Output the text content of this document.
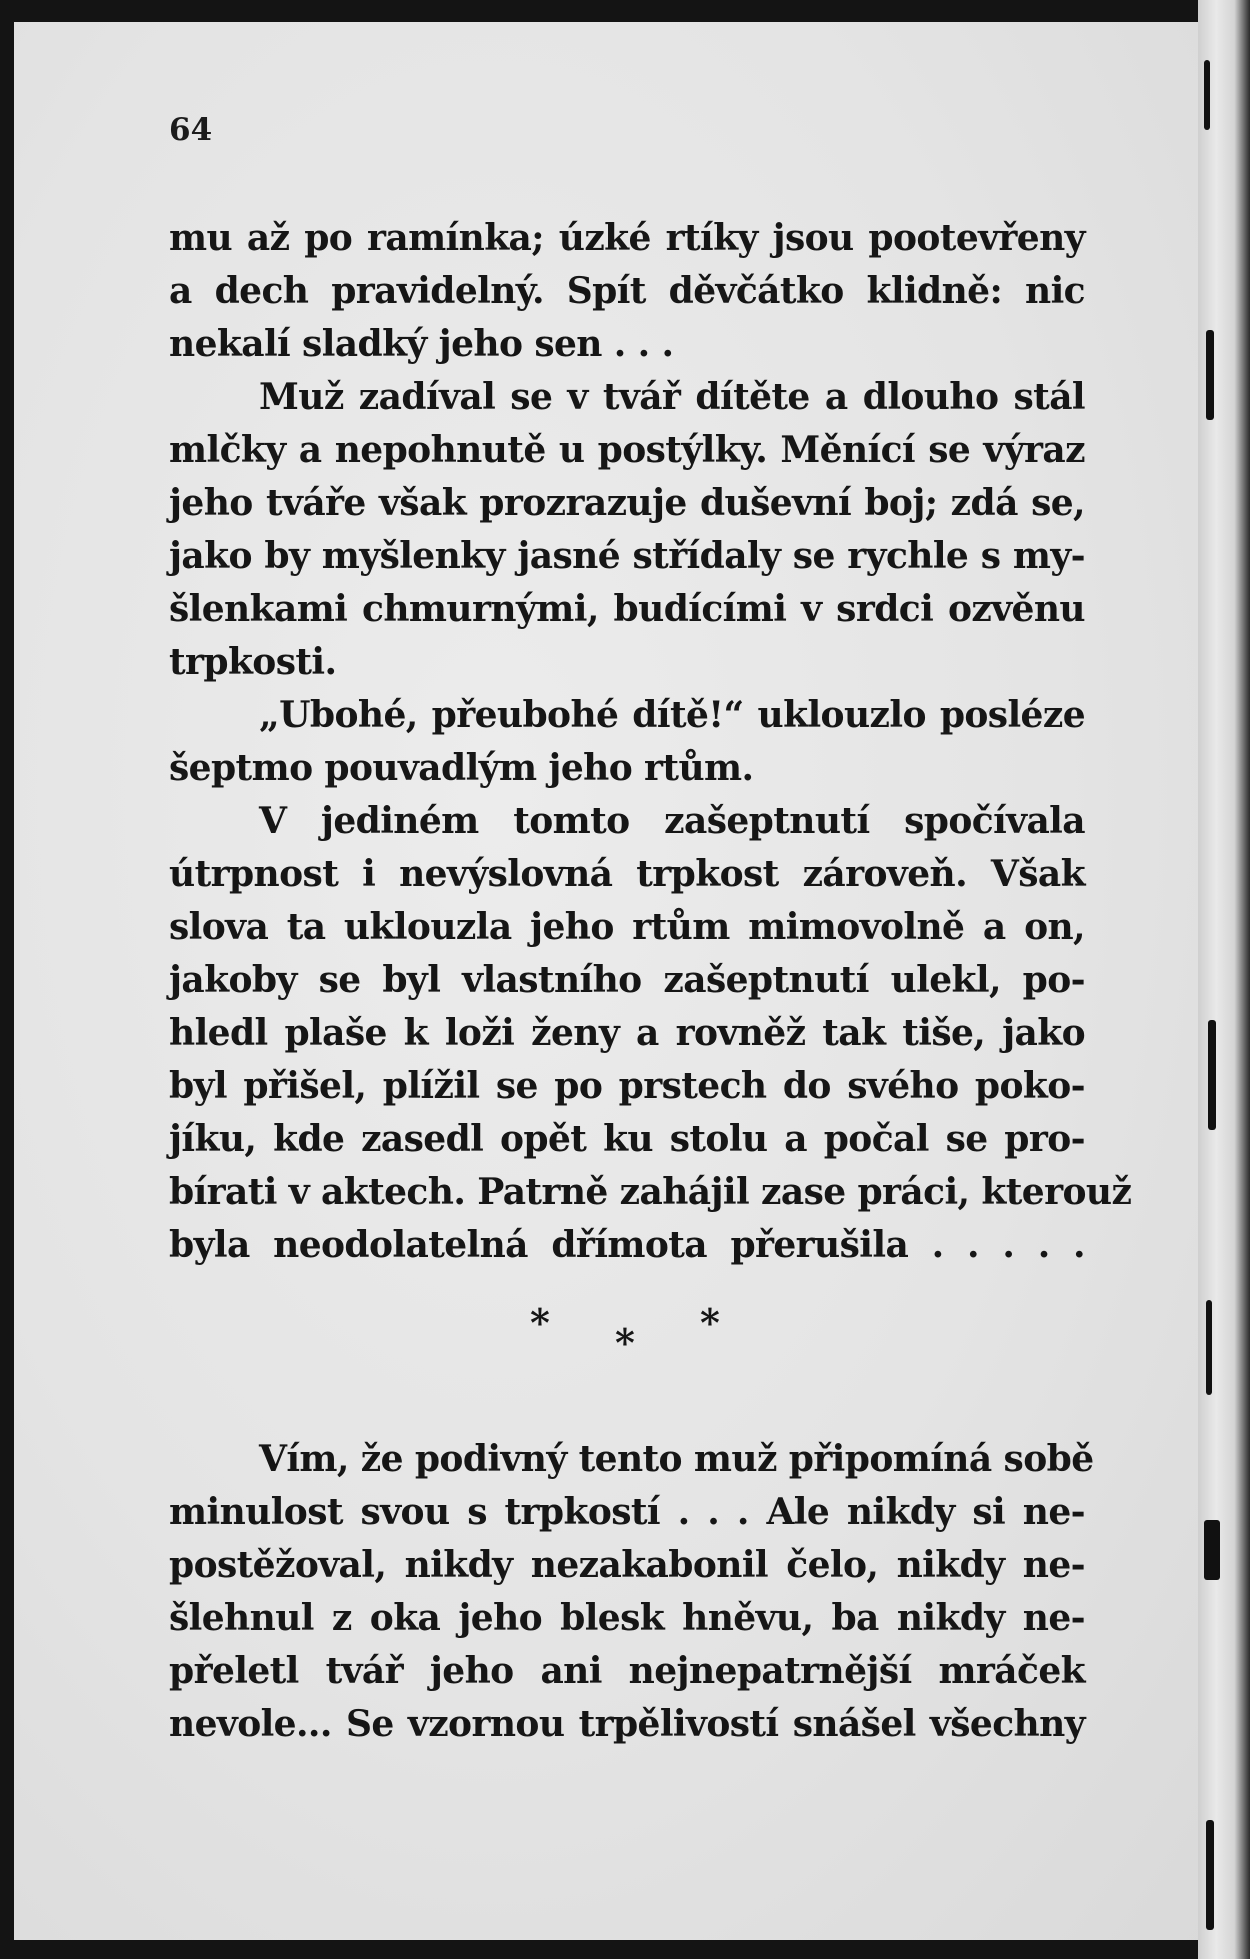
64
mu až po ramínka; úzké rtíky jsou pootevřeny
a dech pravidelný. Spít děvčátko klidně: nic
nekalí sladký jeho sen . . .
Muž zadíval se v tvář dítěte a dlouho stál
mlčky a nepohnutě u postýlky. Měnící se výraz
jeho tváře však prozrazuje duševní boj; zdá se,
jako by myšlenky jasné střídaly se rychle s my-
šlenkami chmurnými, budícími v srdci ozvěnu
trpkosti.
„Ubohé, přeubohé dítě!“ uklouzlo posléze
šeptmo pouvadlým jeho rtům.
V jediném tomto zašeptnutí spočívala
útrpnost i nevýslovná trpkost zároveň. Však
slova ta uklouzla jeho rtům mimovolně a on,
jakoby se byl vlastního zašeptnutí ulekl, po-
hledl plaše k loži ženy a rovněž tak tiše, jako
byl přišel, plížil se po prstech do svého poko-
jíku, kde zasedl opět ku stolu a počal se pro-
bírati v aktech. Patrně zahájil zase práci, kterouž
byla neodolatelná dřímota přerušila . . . . .
* * *
Vím, že podivný tento muž připomíná sobě
minulost svou s trpkostí . . . Ale nikdy si ne-
postěžoval, nikdy nezakabonil čelo, nikdy ne-
šlehnul z oka jeho blesk hněvu, ba nikdy ne-
přeletl tvář jeho ani nejnepatrnější mráček
nevole... Se vzornou trpělivostí snášel všechny
